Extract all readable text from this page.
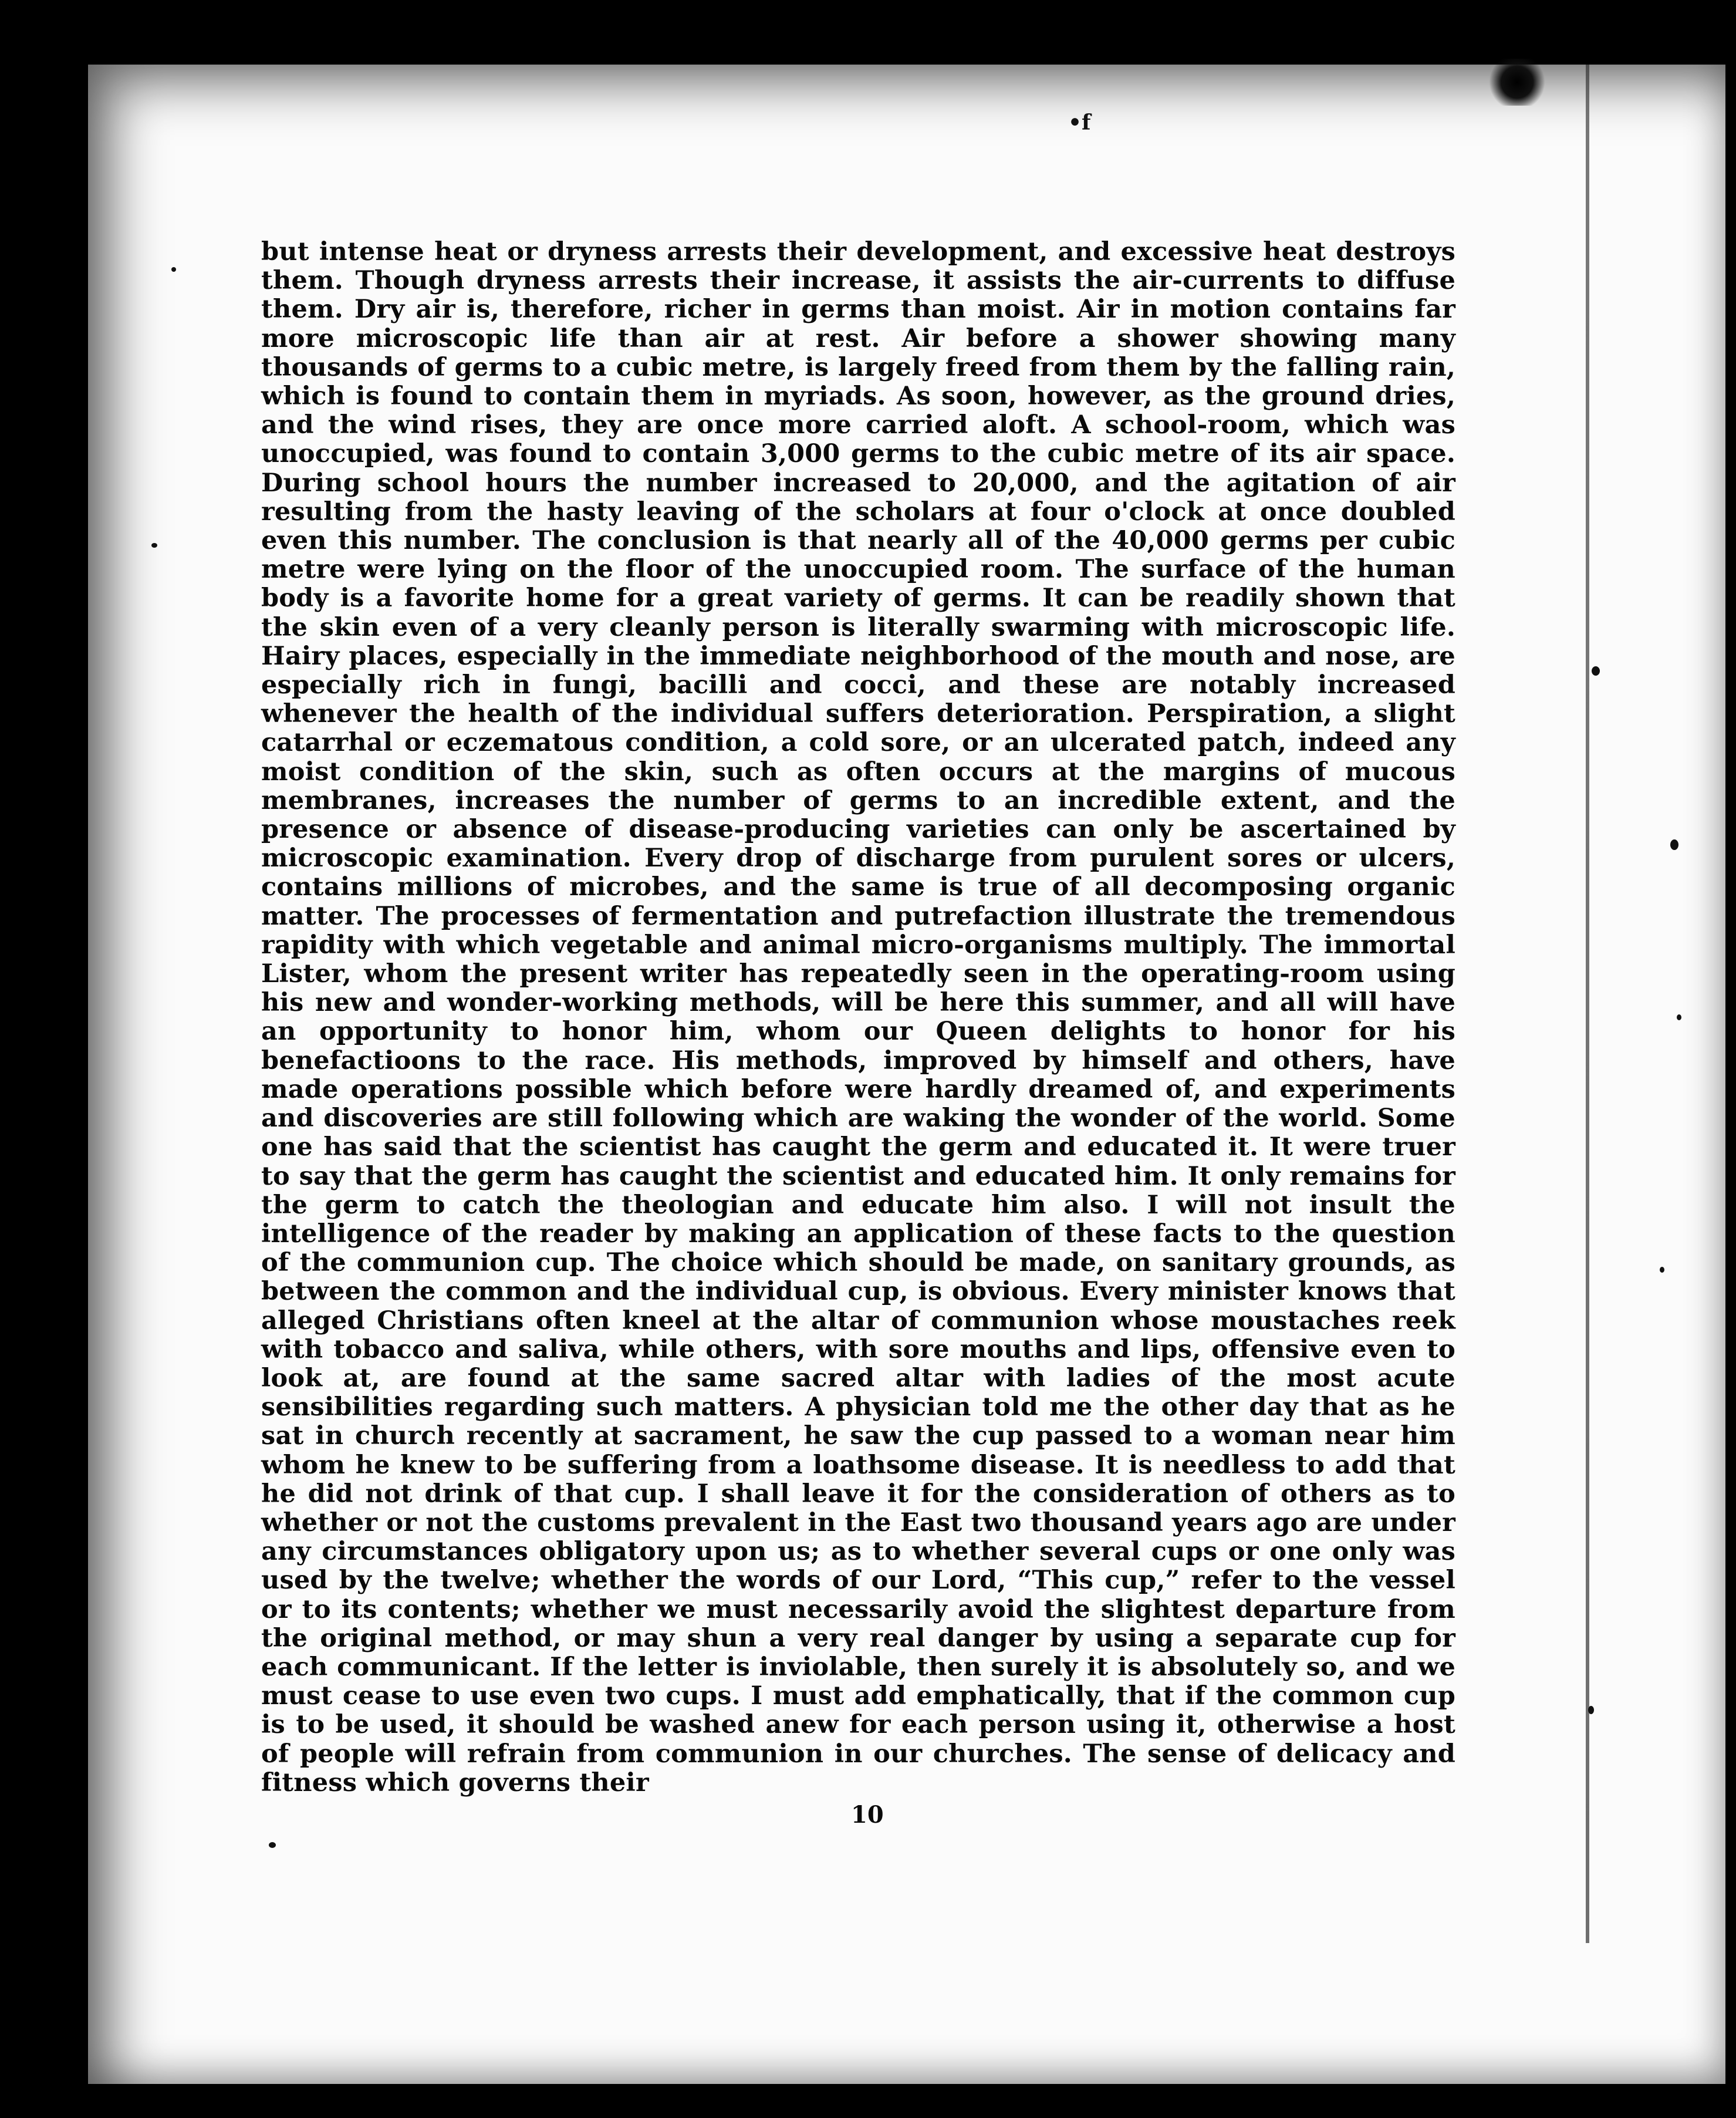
•f

but intense heat or dryness arrests their development, and excessive heat destroys them. Though dryness arrests their increase, it assists the air-currents to diffuse them. Dry air is, therefore, richer in germs than moist. Air in motion contains far more microscopic life than air at rest. Air before a shower showing many thousands of germs to a cubic metre, is largely freed from them by the falling rain, which is found to contain them in myriads. As soon, however, as the ground dries, and the wind rises, they are once more carried aloft. A school-room, which was unoccupied, was found to contain 3,000 germs to the cubic metre of its air space. During school hours the number increased to 20,000, and the agitation of air resulting from the hasty leaving of the scholars at four o'clock at once doubled even this number. The conclusion is that nearly all of the 40,000 germs per cubic metre were lying on the floor of the unoccupied room. The surface of the human body is a favorite home for a great variety of germs. It can be readily shown that the skin even of a very cleanly person is literally swarming with microscopic life. Hairy places, especially in the immediate neighborhood of the mouth and nose, are especially rich in fungi, bacilli and cocci, and these are notably increased whenever the health of the individual suffers deterioration. Perspiration, a slight catarrhal or eczematous condition, a cold sore, or an ulcerated patch, indeed any moist condition of the skin, such as often occurs at the margins of mucous membranes, increases the number of germs to an incredible extent, and the presence or absence of disease-producing varieties can only be ascertained by microscopic examination. Every drop of discharge from purulent sores or ulcers, contains millions of microbes, and the same is true of all decomposing organic matter. The processes of fermentation and putrefaction illustrate the tremendous rapidity with which vegetable and animal micro-organisms multiply. The immortal Lister, whom the present writer has repeatedly seen in the operating-room using his new and wonder-working methods, will be here this summer, and all will have an opportunity to honor him, whom our Queen delights to honor for his benefactioons to the race. His methods, improved by himself and others, have made operations possible which before were hardly dreamed of, and experiments and discoveries are still following which are waking the wonder of the world. Some one has said that the scientist has caught the germ and educated it. It were truer to say that the germ has caught the scientist and educated him. It only remains for the germ to catch the theologian and educate him also. I will not insult the intelligence of the reader by making an application of these facts to the question of the communion cup. The choice which should be made, on sanitary grounds, as between the common and the individual cup, is obvious. Every minister knows that alleged Christians often kneel at the altar of communion whose moustaches reek with tobacco and saliva, while others, with sore mouths and lips, offensive even to look at, are found at the same sacred altar with ladies of the most acute sensibilities regarding such matters. A physician told me the other day that as he sat in church recently at sacrament, he saw the cup passed to a woman near him whom he knew to be suffering from a loathsome disease. It is needless to add that he did not drink of that cup. I shall leave it for the consideration of others as to whether or not the customs prevalent in the East two thousand years ago are under any circumstances obligatory upon us; as to whether several cups or one only was used by the twelve; whether the words of our Lord, “This cup,” refer to the vessel or to its contents; whether we must necessarily avoid the slightest departure from the original method, or may shun a very real danger by using a separate cup for each communicant. If the letter is inviolable, then surely it is absolutely so, and we must cease to use even two cups. I must add emphatically, that if the common cup is to be used, it should be washed anew for each person using it, otherwise a host of people will refrain from communion in our churches. The sense of delicacy and fitness which governs their

10
